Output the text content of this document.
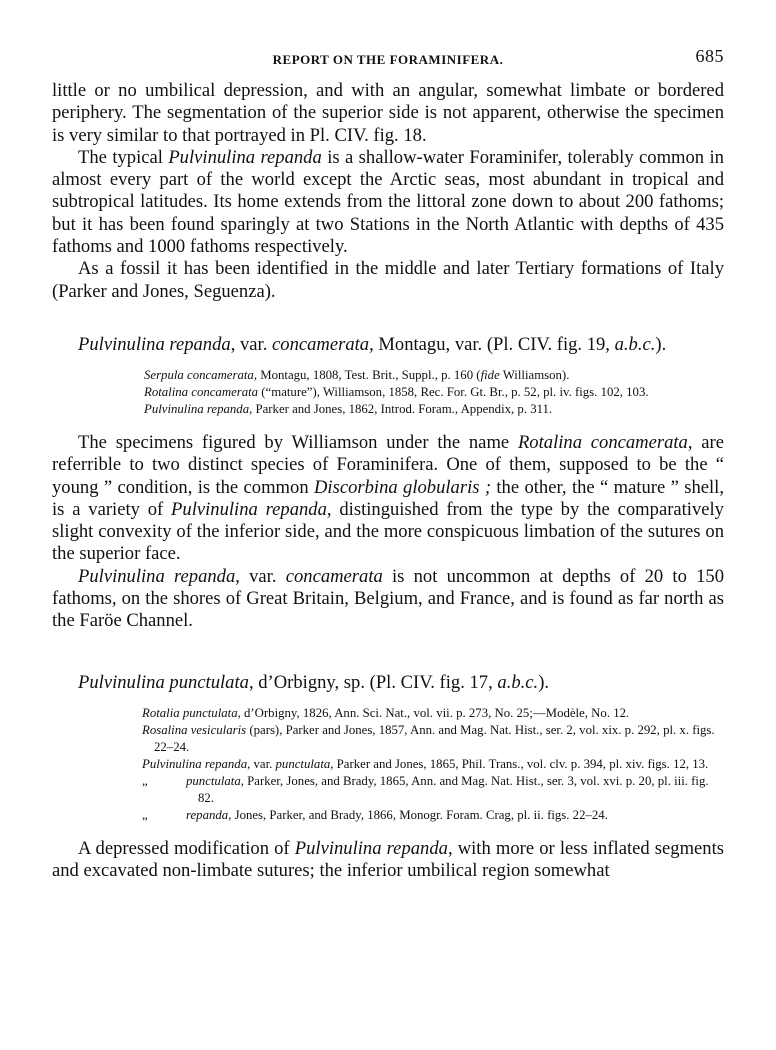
REPORT ON THE FORAMINIFERA.	685

little or no umbilical depression, and with an angular, somewhat limbate or bordered periphery. The segmentation of the superior side is not apparent, otherwise the specimen is very similar to that portrayed in Pl. CIV. fig. 18.

The typical Pulvinulina repanda is a shallow-water Foraminifer, tolerably common in almost every part of the world except the Arctic seas, most abundant in tropical and subtropical latitudes. Its home extends from the littoral zone down to about 200 fathoms; but it has been found sparingly at two Stations in the North Atlantic with depths of 435 fathoms and 1000 fathoms respectively.

As a fossil it has been identified in the middle and later Tertiary formations of Italy (Parker and Jones, Seguenza).

Pulvinulina repanda, var. concamerata, Montagu, var. (Pl. CIV. fig. 19, a.b.c.).
Serpula concamerata, Montagu, 1808, Test. Brit., Suppl., p. 160 (fide Williamson).
Rotalina concamerata (“mature”), Williamson, 1858, Rec. For. Gt. Br., p. 52, pl. iv. figs. 102, 103.
Pulvinulina repanda, Parker and Jones, 1862, Introd. Foram., Appendix, p. 311.

The specimens figured by Williamson under the name Rotalina concamerata, are referrible to two distinct species of Foraminifera. One of them, supposed to be the “ young ” condition, is the common Discorbina globularis ; the other, the “ mature ” shell, is a variety of Pulvinulina repanda, distinguished from the type by the comparatively slight convexity of the inferior side, and the more conspicuous limbation of the sutures on the superior face.

Pulvinulina repanda, var. concamerata is not uncommon at depths of 20 to 150 fathoms, on the shores of Great Britain, Belgium, and France, and is found as far north as the Faröe Channel.

Pulvinulina punctulata, d’Orbigny, sp. (Pl. CIV. fig. 17, a.b.c.).
Rotalia punctulata, d’Orbigny, 1826, Ann. Sci. Nat., vol. vii. p. 273, No. 25;—Modèle, No. 12.
Rosalina vesicularis (pars), Parker and Jones, 1857, Ann. and Mag. Nat. Hist., ser. 2, vol. xix. p. 292, pl. x. figs. 22–24.
Pulvinulina repanda, var. punctulata, Parker and Jones, 1865, Phil. Trans., vol. clv. p. 394, pl. xiv. figs. 12, 13.
„	punctulata, Parker, Jones, and Brady, 1865, Ann. and Mag. Nat. Hist., ser. 3, vol. xvi. p. 20, pl. iii. fig. 82.
„	repanda, Jones, Parker, and Brady, 1866, Monogr. Foram. Crag, pl. ii. figs. 22–24.

A depressed modification of Pulvinulina repanda, with more or less inflated segments and excavated non-limbate sutures; the inferior umbilical region somewhat
